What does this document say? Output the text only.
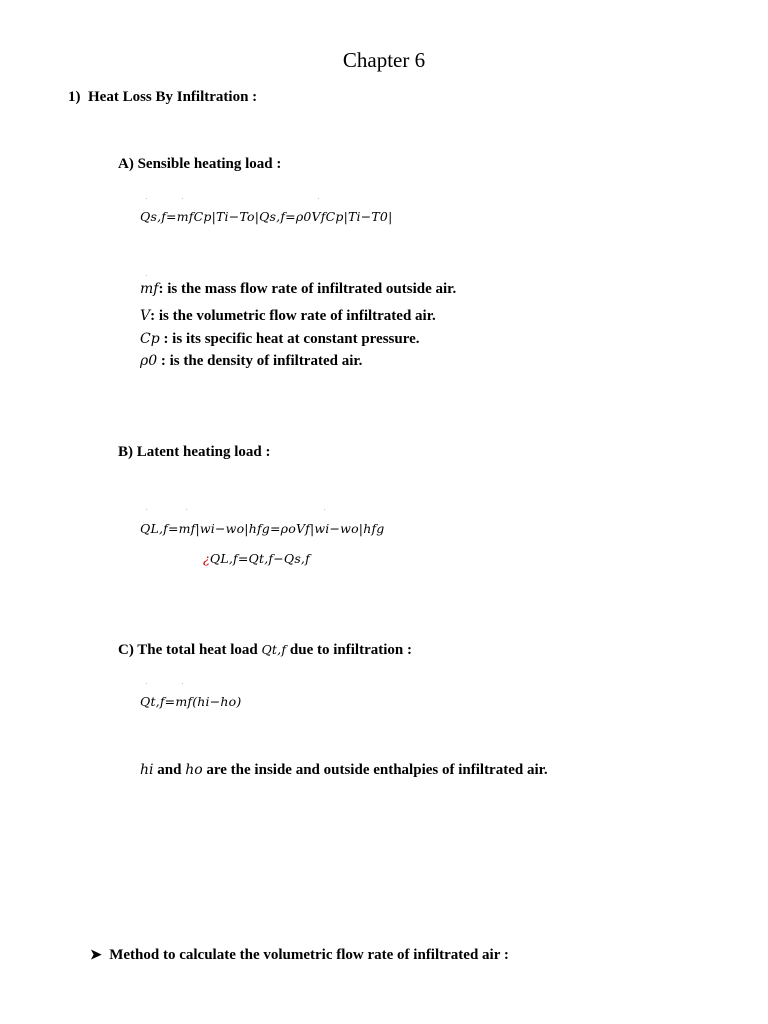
Chapter 6
1) Heat Loss By Infiltration :
A) Sensible heating load :
.	.	.
Qs,f=mfCp|Ti−To|Qs,f=ρ0VfCp|Ti−T0|
.
mf: is the mass flow rate of infiltrated outside air.
V: is the volumetric flow rate of infiltrated air.
Cp : is its specific heat at constant pressure.
ρ0 : is the density of infiltrated air.
B) Latent heating load :
.	.	.
QL,f=mf|wi−wo|hfg=ρoVf|wi−wo|hfg
¿QL,f=Qt,f−Qs,f
C) The total heat load Qt,f due to infiltration :
.	.
Qt,f=mf(hi−ho)
hi and ho are the inside and outside enthalpies of infiltrated air.
➤ Method to calculate the volumetric flow rate of infiltrated air :
